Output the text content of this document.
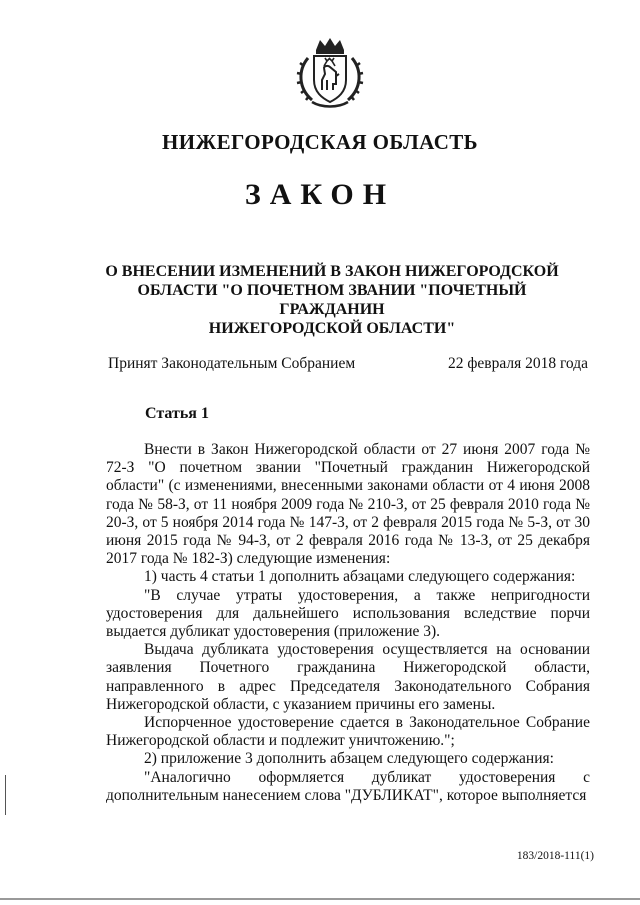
НИЖЕГОРОДСКАЯ ОБЛАСТЬ
ЗАКОН
О ВНЕСЕНИИ ИЗМЕНЕНИЙ В ЗАКОН НИЖЕГОРОДСКОЙ
ОБЛАСТИ "О ПОЧЕТНОМ ЗВАНИИ "ПОЧЕТНЫЙ ГРАЖДАНИН
НИЖЕГОРОДСКОЙ ОБЛАСТИ"
Принят Законодательным Собранием	22 февраля 2018 года
Статья 1

Внести в Закон Нижегородской области от 27 июня 2007 года № 72-З "О почетном звании "Почетный гражданин Нижегородской области" (с изменениями, внесенными законами области от 4 июня 2008 года № 58-З, от 11 ноября 2009 года № 210-З, от 25 февраля 2010 года № 20-З, от 5 ноября 2014 года № 147-З, от 2 февраля 2015 года № 5-З, от 30 июня 2015 года № 94-З, от 2 февраля 2016 года № 13-З, от 25 декабря 2017 года № 182-З) следующие изменения:

1) часть 4 статьи 1 дополнить абзацами следующего содержания:

"В случае утраты удостоверения, а также непригодности удостоверения для дальнейшего использования вследствие порчи выдается дубликат удостоверения (приложение 3).

Выдача дубликата удостоверения осуществляется на основании заявления Почетного гражданина Нижегородской области, направленного в адрес Председателя Законодательного Собрания Нижегородской области, с указанием причины его замены.

Испорченное удостоверение сдается в Законодательное Собрание Нижегородской области и подлежит уничтожению.";

2) приложение 3 дополнить абзацем следующего содержания:

"Аналогично оформляется дубликат удостоверения с дополнительным нанесением слова "ДУБЛИКАТ", которое выполняется

183/2018-111(1)
